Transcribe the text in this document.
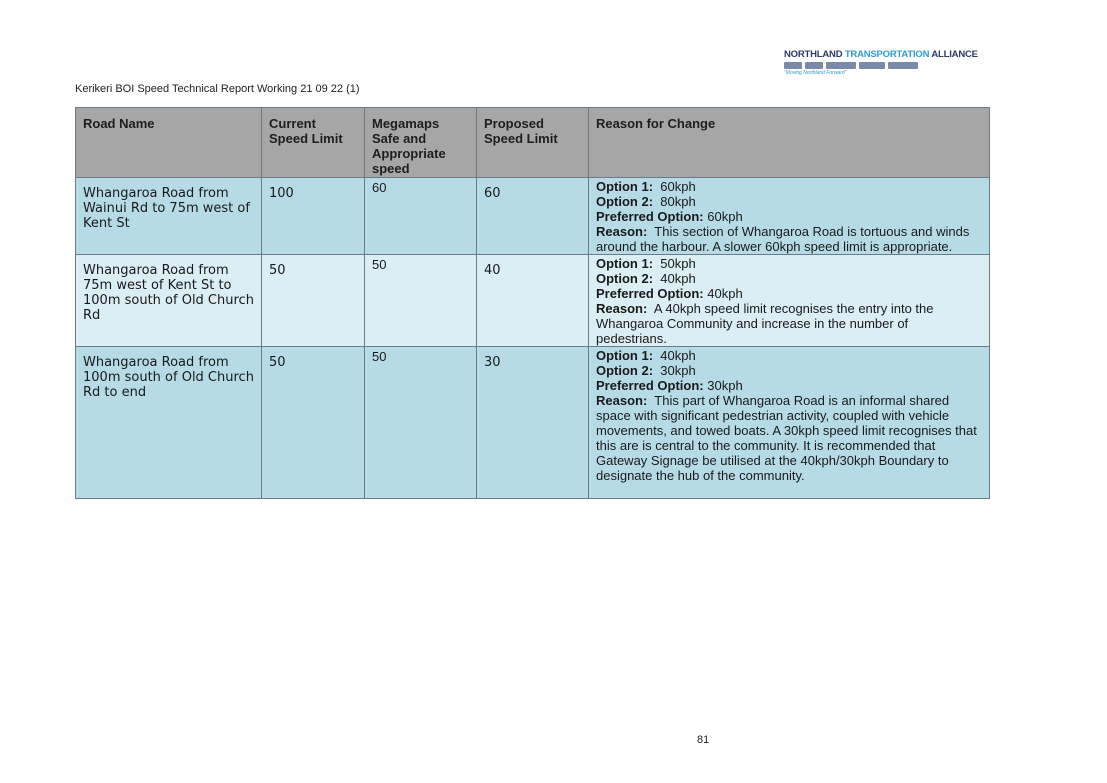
Kerikeri BOI Speed Technical Report Working 21 09 22 (1)
NORTHLAND TRANSPORTATION ALLIANCE
"Moving Northland Forward"
Road Name	Current Speed Limit	Megamaps Safe and Appropriate speed	Proposed Speed Limit	Reason for Change
Whangaroa Road from Wainui Rd to 75m west of Kent St	100	60	60	Option 1: 60kph
Option 2: 80kph
Preferred Option: 60kph
Reason: This section of Whangaroa Road is tortuous and winds around the harbour. A slower 60kph speed limit is appropriate.

Whangaroa Road from 75m west of Kent St to 100m south of Old Church Rd	50	50	40	Option 1: 50kph
Option 2: 40kph
Preferred Option: 40kph
Reason: A 40kph speed limit recognises the entry into the Whangaroa Community and increase in the number of pedestrians.

Whangaroa Road from 100m south of Old Church Rd to end	50	50	30	Option 1: 40kph
Option 2: 30kph
Preferred Option: 30kph
Reason: This part of Whangaroa Road is an informal shared space with significant pedestrian activity, coupled with vehicle movements, and towed boats. A 30kph speed limit recognises that this are is central to the community. It is recommended that Gateway Signage be utilised at the 40kph/30kph Boundary to designate the hub of the community.
81
